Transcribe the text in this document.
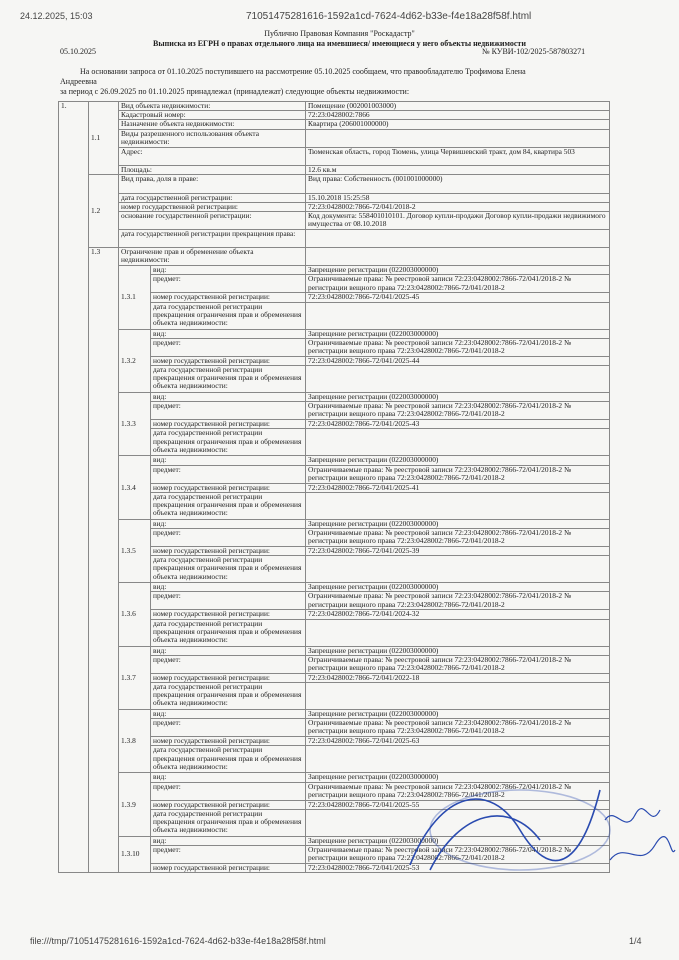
24.12.2025, 15:03	71051475281616-1592a1cd-7624-4d62-b33e-f4e18a28f58f.html
Публично Правовая Компания "Роскадастр"
Выписка из ЕГРН о правах отдельного лица на имевшиеся/ имеющиеся у него объекты недвижимости
05.10.2025	№ КУВИ-102/2025-587803271
На основании запроса от 01.10.2025 поступившего на рассмотрение 05.10.2025 сообщаем, что правообладателю Трофимова Елена
Андреевна
за период с 26.09.2025 по 01.10.2025 принадлежал (принадлежат) следующие объекты недвижимости:
1.	1.1	Вид объекта недвижимости:		Помещение (002001003000)
		Кадастровый номер:		72:23:0428002:7866
		Назначение объекта недвижимости:		Квартира (206001000000)
		Виды разрешенного использования объекта недвижимости:		
		Адрес:		Тюменская область, город Тюмень, улица Червишевский тракт, дом 84, квартира 503
		Площадь:		12.6 кв.м
	1.2	Вид права, доля в праве:		Вид права: Собственность (001001000000)
		дата государственной регистрации:		15.10.2018 15:25:58
		номер государственной регистрации:		72:23:0428002:7866-72/041/2018-2
		основание государственной регистрации:		Код документа: 558401010101. Договор купли-продажи Договор купли-продажи недвижимого имущества от 08.10.2018
		дата государственной регистрации прекращения права:		
	1.3	Ограничение прав и обременение объекта недвижимости:		
		1.3.1	вид:	Запрещение регистрации (022003000000)
			предмет:	Ограничиваемые права: № реестровой записи 72:23:0428002:7866-72/041/2018-2 № регистрации вещного права 72:23:0428002:7866-72/041/2018-2
			номер государственной регистрации:	72:23:0428002:7866-72/041/2025-45
			дата государственной регистрации прекращения ограничения прав и обременения объекта недвижимости:	
		1.3.2	вид:	Запрещение регистрации (022003000000)
			предмет:	Ограничиваемые права: № реестровой записи 72:23:0428002:7866-72/041/2018-2 № регистрации вещного права 72:23:0428002:7866-72/041/2018-2
			номер государственной регистрации:	72:23:0428002:7866-72/041/2025-44
			дата государственной регистрации прекращения ограничения прав и обременения объекта недвижимости:	
		1.3.3	вид:	Запрещение регистрации (022003000000)
			предмет:	Ограничиваемые права: № реестровой записи 72:23:0428002:7866-72/041/2018-2 № регистрации вещного права 72:23:0428002:7866-72/041/2018-2
			номер государственной регистрации:	72:23:0428002:7866-72/041/2025-43
			дата государственной регистрации прекращения ограничения прав и обременения объекта недвижимости:	
		1.3.4	вид:	Запрещение регистрации (022003000000)
			предмет:	Ограничиваемые права: № реестровой записи 72:23:0428002:7866-72/041/2018-2 № регистрации вещного права 72:23:0428002:7866-72/041/2018-2
			номер государственной регистрации:	72:23:0428002:7866-72/041/2025-41
			дата государственной регистрации прекращения ограничения прав и обременения объекта недвижимости:	
		1.3.5	вид:	Запрещение регистрации (022003000000)
			предмет:	Ограничиваемые права: № реестровой записи 72:23:0428002:7866-72/041/2018-2 № регистрации вещного права 72:23:0428002:7866-72/041/2018-2
			номер государственной регистрации:	72:23:0428002:7866-72/041/2025-39
			дата государственной регистрации прекращения ограничения прав и обременения объекта недвижимости:	
		1.3.6	вид:	Запрещение регистрации (022003000000)
			предмет:	Ограничиваемые права: № реестровой записи 72:23:0428002:7866-72/041/2018-2 № регистрации вещного права 72:23:0428002:7866-72/041/2018-2
			номер государственной регистрации:	72:23:0428002:7866-72/041/2024-32
			дата государственной регистрации прекращения ограничения прав и обременения объекта недвижимости:	
		1.3.7	вид:	Запрещение регистрации (022003000000)
			предмет:	Ограничиваемые права: № реестровой записи 72:23:0428002:7866-72/041/2018-2 № регистрации вещного права 72:23:0428002:7866-72/041/2018-2
			номер государственной регистрации:	72:23:0428002:7866-72/041/2022-18
			дата государственной регистрации прекращения ограничения прав и обременения объекта недвижимости:	
		1.3.8	вид:	Запрещение регистрации (022003000000)
			предмет:	Ограничиваемые права: № реестровой записи 72:23:0428002:7866-72/041/2018-2 № регистрации вещного права 72:23:0428002:7866-72/041/2018-2
			номер государственной регистрации:	72:23:0428002:7866-72/041/2025-63
			дата государственной регистрации прекращения ограничения прав и обременения объекта недвижимости:	
		1.3.9	вид:	Запрещение регистрации (022003000000)
			предмет:	Ограничиваемые права: № реестровой записи 72:23:0428002:7866-72/041/2018-2 № регистрации вещного права 72:23:0428002:7866-72/041/2018-2
			номер государственной регистрации:	72:23:0428002:7866-72/041/2025-55
			дата государственной регистрации прекращения ограничения прав и обременения объекта недвижимости:	
		1.3.10	вид:	Запрещение регистрации (022003000000)
			предмет:	Ограничиваемые права: № реестровой записи 72:23:0428002:7866-72/041/2018-2 № регистрации вещного права 72:23:0428002:7866-72/041/2018-2
			номер государственной регистрации:	72:23:0428002:7866-72/041/2025-53
file:///tmp/71051475281616-1592a1cd-7624-4d62-b33e-f4e18a28f58f.html	1/4
